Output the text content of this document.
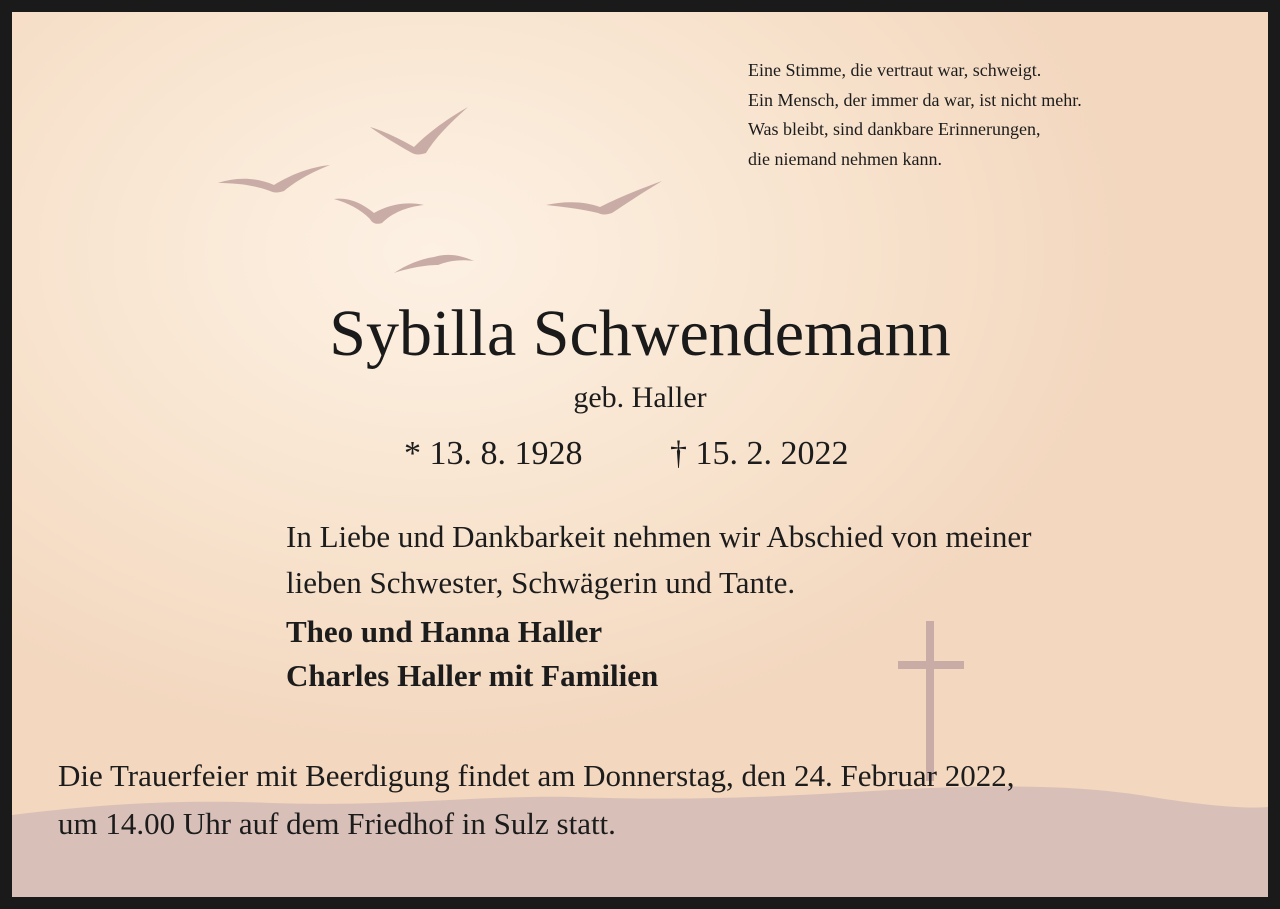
Eine Stimme, die vertraut war, schweigt.
Ein Mensch, der immer da war, ist nicht mehr.
Was bleibt, sind dankbare Erinnerungen,
die niemand nehmen kann.
Sybilla Schwendemann
geb. Haller
* 13. 8. 1928	† 15. 2. 2022
In Liebe und Dankbarkeit nehmen wir Abschied von meiner
lieben Schwester, Schwägerin und Tante.
Theo und Hanna Haller
Charles Haller mit Familien
Die Trauerfeier mit Beerdigung findet am Donnerstag, den 24. Februar 2022,
um 14.00 Uhr auf dem Friedhof in Sulz statt.
